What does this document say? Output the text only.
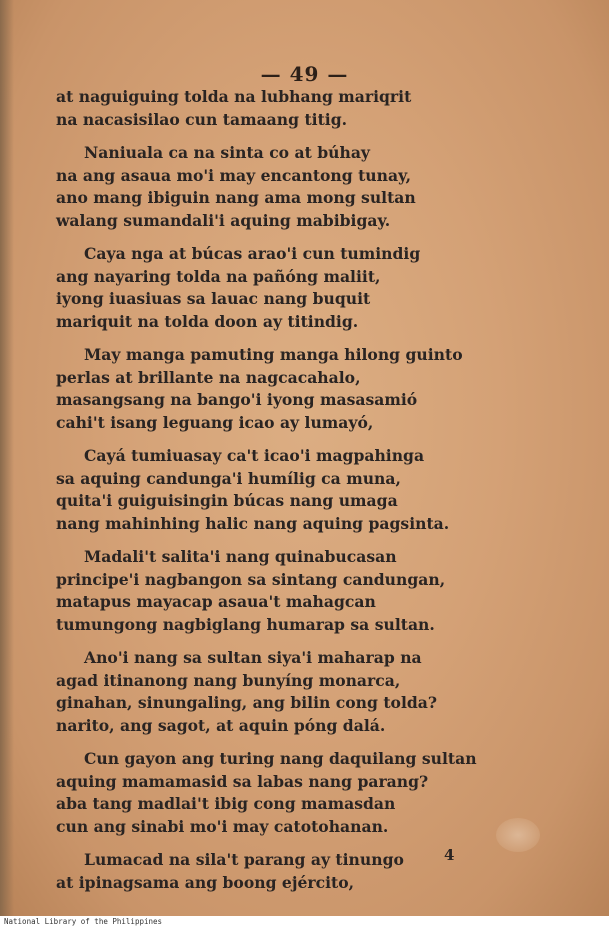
— 49 —
at naguiguing tolda na lubhang mariqrit
na nacasisilao cun tamaang titig.
Naniuala ca na sinta co at búhay
na ang asaua mo'i may encantong tunay,
ano mang ibiguin nang ama mong sultan
walang sumandali'i aquing mabibigay.
Caya nga at búcas arao'i cun tumindig
ang nayaring tolda na pañóng maliit,
iyong iuasiuas sa lauac nang buquit
mariquit na tolda doon ay titindig.
May manga pamuting manga hilong guinto
perlas at brillante na nagcacahalo,
masangsang na bango'i iyong masasamió
cahi't isang leguang icao ay lumayó,
Cayá tumiuasay ca't icao'i magpahinga
sa aquing candunga'i humílig ca muna,
quita'i guiguisingin búcas nang umaga
nang mahinhing halic nang aquing pagsinta.
Madali't salita'i nang quinabucasan
principe'i nagbangon sa sintang candungan,
matapus mayacap asaua't mahagcan
tumungong nagbiglang humarap sa sultan.
Ano'i nang sa sultan siya'i maharap na
agad itinanong nang bunyíng monarca,
ginahan, sinungaling, ang bilin cong tolda?
narito, ang sagot, at aquin póng dalá.
Cun gayon ang turing nang daquilang sultan
aquing mamamasid sa labas nang parang?
aba tang madlai't ibig cong mamasdan
cun ang sinabi mo'i may catotohanan.
Lumacad na sila't parang ay tinungo
at ipinagsama ang boong ejército,
4
National Library of the Philippines
